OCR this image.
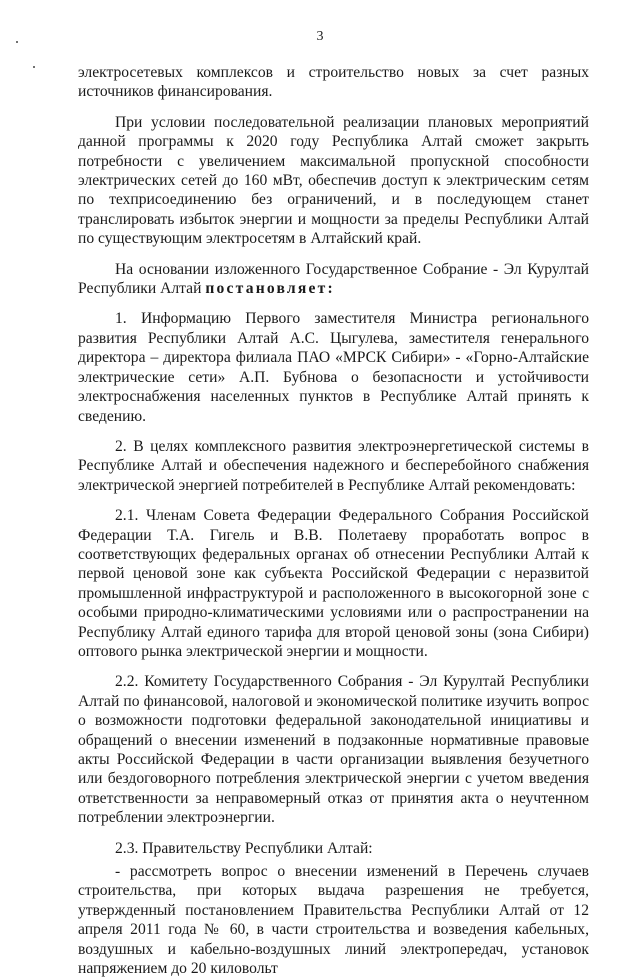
3

электросетевых комплексов и строительство новых за счет разных источников финансирования.

При условии последовательной реализации плановых мероприятий данной программы к 2020 году Республика Алтай сможет закрыть потребности с увеличением максимальной пропускной способности электрических сетей до 160 мВт, обеспечив доступ к электрическим сетям по техприсоединению без ограничений, и в последующем станет транслировать избыток энергии и мощности за пределы Республики Алтай по существующим электросетям в Алтайский край.

На основании изложенного Государственное Собрание - Эл Курултай Республики Алтай постановляет:

1. Информацию Первого заместителя Министра регионального развития Республики Алтай А.С. Цыгулева, заместителя генерального директора – директора филиала ПАО «МРСК Сибири» - «Горно-Алтайские электрические сети» А.П. Бубнова о безопасности и устойчивости электроснабжения населенных пунктов в Республике Алтай принять к сведению.

2. В целях комплексного развития электроэнергетической системы в Республике Алтай и обеспечения надежного и бесперебойного снабжения электрической энергией потребителей в Республике Алтай рекомендовать:

2.1. Членам Совета Федерации Федерального Собрания Российской Федерации Т.А. Гигель и В.В. Полетаеву проработать вопрос в соответствующих федеральных органах об отнесении Республики Алтай к первой ценовой зоне как субъекта Российской Федерации с неразвитой промышленной инфраструктурой и расположенного в высокогорной зоне с особыми природно-климатическими условиями или о распространении на Республику Алтай единого тарифа для второй ценовой зоны (зона Сибири) оптового рынка электрической энергии и мощности.

2.2. Комитету Государственного Собрания - Эл Курултай Республики Алтай по финансовой, налоговой и экономической политике изучить вопрос о возможности подготовки федеральной законодательной инициативы и обращений о внесении изменений в подзаконные нормативные правовые акты Российской Федерации в части организации выявления безучетного или бездоговорного потребления электрической энергии с учетом введения ответственности за неправомерный отказ от принятия акта о неучтенном потреблении электроэнергии.

2.3. Правительству Республики Алтай:

- рассмотреть вопрос о внесении изменений в Перечень случаев строительства, при которых выдача разрешения не требуется, утвержденный постановлением Правительства Республики Алтай от 12 апреля 2011 года № 60, в части строительства и возведения кабельных, воздушных и кабельно-воздушных линий электропередач, установок напряжением до 20 киловольт
